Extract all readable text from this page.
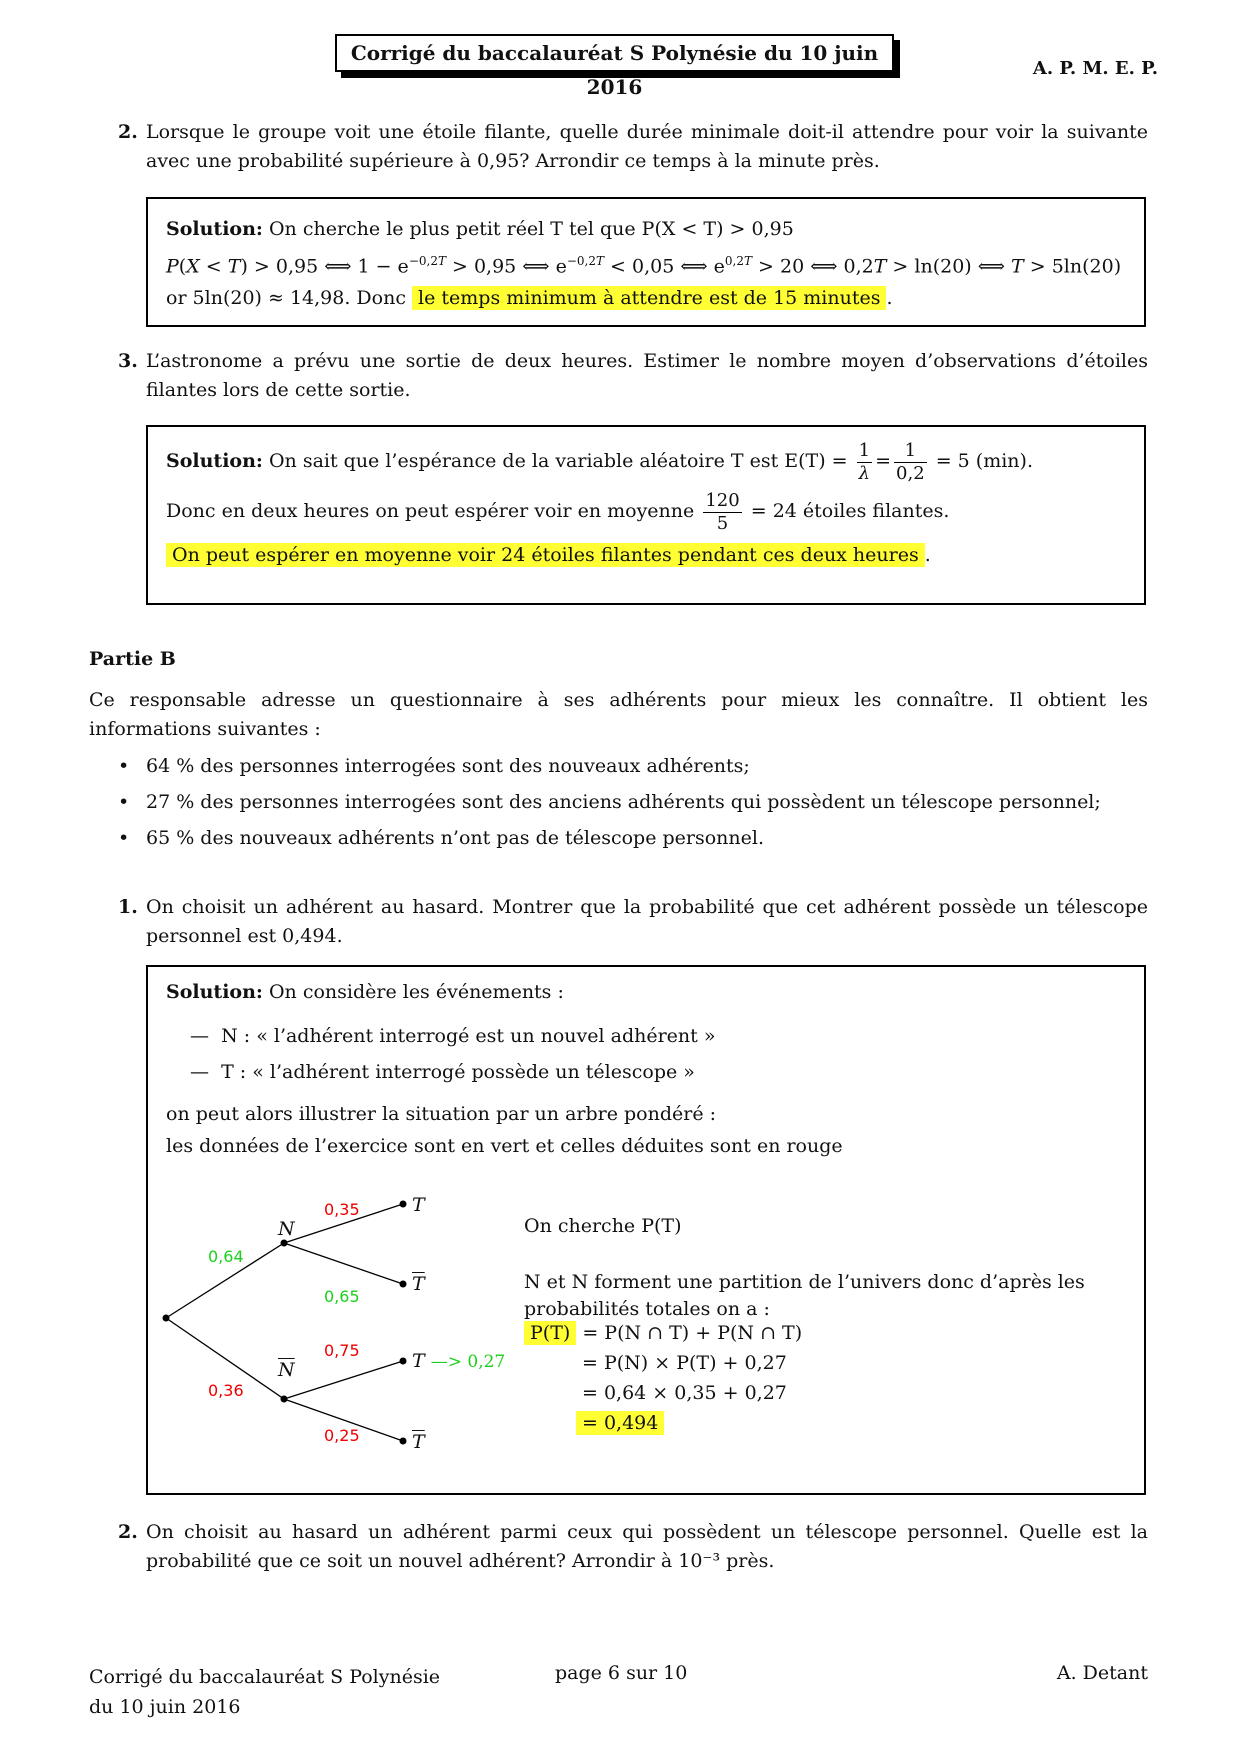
Corrigé du baccalauréat S Polynésie du 10 juin 2016
A. P. M. E. P.
2. Lorsque le groupe voit une étoile filante, quelle durée minimale doit-il attendre pour voir la suivante avec une probabilité supérieure à 0,95? Arrondir ce temps à la minute près.
Solution: On cherche le plus petit réel T tel que P(X < T) > 0,95
P(X < T) > 0,95 ⟺ $1 - e^{-0,2T} > 0,95$ ⟺ $e^{-0,2T} < 0,05$ ⟺ $e^{0,2T} > 20$ ⟺ 0,2T > ln(20) ⟺ T > 5ln(20)
or 5ln(20) ≈ 14,98. Donc le temps minimum à attendre est de 15 minutes .
3. L’astronome a prévu une sortie de deux heures. Estimer le nombre moyen d’observations d’étoiles filantes lors de cette sortie.
Solution: On sait que l’espérance de la variable aléatoire T est $E(T) = \frac{1}{\lambda} = \frac{1}{0,2} = 5$ (min).
Donc en deux heures on peut espérer voir en moyenne $\frac{120}{5} = 24$ étoiles filantes.
On peut espérer en moyenne voir 24 étoiles filantes pendant ces deux heures .
Partie B
Ce responsable adresse un questionnaire à ses adhérents pour mieux les connaître. Il obtient les informations suivantes :
• 64 % des personnes interrogées sont des nouveaux adhérents;
• 27 % des personnes interrogées sont des anciens adhérents qui possèdent un télescope personnel;
• 65 % des nouveaux adhérents n’ont pas de télescope personnel.
1. On choisit un adhérent au hasard. Montrer que la probabilité que cet adhérent possède un télescope personnel est 0,494.
Solution: On considère les événements :
—  N : « l’adhérent interrogé est un nouvel adhérent »
—  T : « l’adhérent interrogé possède un télescope »
on peut alors illustrer la situation par un arbre pondéré :
les données de l’exercice sont en vert et celles déduites sont en rouge
0,64
0,36
0,35
0,65
0,75
0,25
N
$\overline{N}$
T
$\overline{T}$
T —> 0,27
$\overline{T}$
On cherche P(T)
N et N forment une partition de l’univers donc d’après les probabilités totales on a :
P(T) = P(N ∩ T) + P(N ∩ T)
= P(N) × P(T) + 0,27
= 0,64 × 0,35 + 0,27
= 0,494
2. On choisit au hasard un adhérent parmi ceux qui possèdent un télescope personnel. Quelle est la probabilité que ce soit un nouvel adhérent? Arrondir à 10⁻³ près.
Corrigé du baccalauréat S Polynésie
du 10 juin 2016
page 6 sur 10	A. Detant
